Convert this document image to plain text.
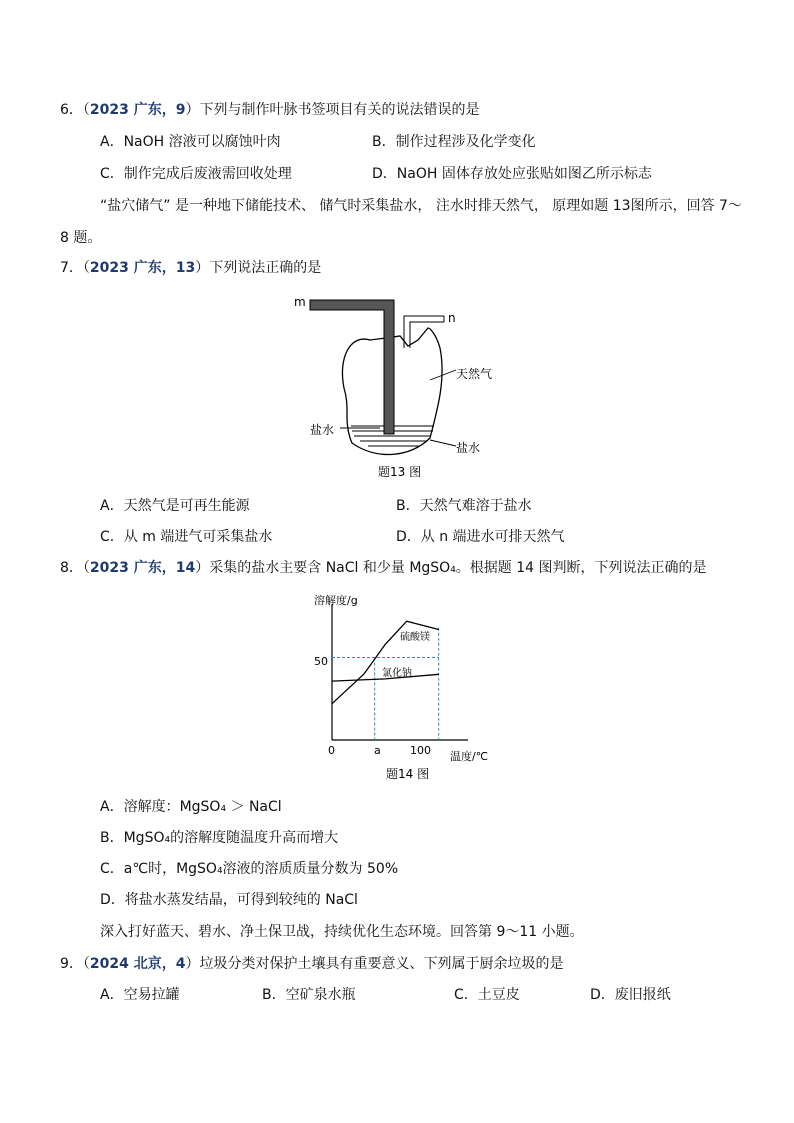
6．（2023 广东，9）下列与制作叶脉书签项目有关的说法错误的是
A．NaOH 溶液可以腐蚀叶肉	B．制作过程涉及化学变化
C．制作完成后废液需回收处理	D．NaOH 固体存放处应张贴如图乙所示标志
“盐穴储气” 是一种地下储能技术、 储气时采集盐水， 注水时排天然气， 原理如题 13图所示，回答 7～
8 题。
7．（2023 广东，13）下列说法正确的是
m
n
天然气
盐水
盐水
题13 图
A．天然气是可再生能源	B．天然气难溶于盐水
C．从 m 端进气可采集盐水	D．从 n 端进水可排天然气
8．（2023 广东，14）采集的盐水主要含 NaCl 和少量 MgSO₄。根据题 14 图判断，下列说法正确的是
溶解度/g
温度/℃
50
0	a	100
硫酸镁
氯化钠
题14 图
A．溶解度：MgSO₄ ＞ NaCl
B．MgSO₄的溶解度随温度升高而增大
C．a℃时，MgSO₄溶液的溶质质量分数为 50%
D．将盐水蒸发结晶，可得到较纯的 NaCl
深入打好蓝天、碧水、净土保卫战，持续优化生态环境。回答第 9～11 小题。
9．（2024 北京，4）垃圾分类对保护土壤具有重要意义、下列属于厨余垃圾的是
A．空易拉罐	B．空矿泉水瓶	C．土豆皮	D．废旧报纸
